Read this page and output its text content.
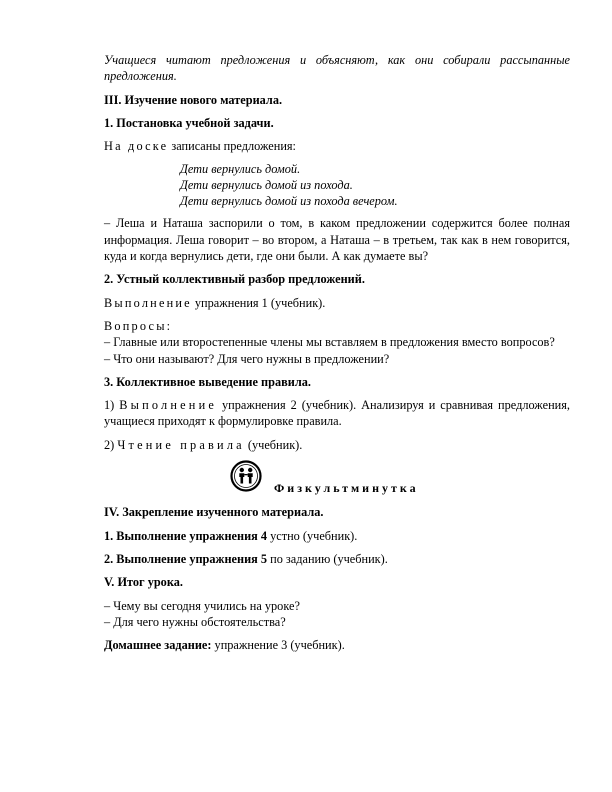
Учащиеся читают предложения и объясняют, как они собирали рассыпанные предложения.

III. Изучение нового материала.

1. Постановка учебной задачи.

На доске записаны предложения:

Дети вернулись домой.
Дети вернулись домой из похода.
Дети вернулись домой из похода вечером.

– Леша и Наташа заспорили о том, в каком предложении содержится более полная информация. Леша говорит – во втором, а Наташа – в третьем, так как в нем говорится, куда и когда вернулись дети, где они были. А как думаете вы?

2. Устный коллективный разбор предложений.

Выполнение упражнения 1 (учебник).

Вопросы:

– Главные или второстепенные члены мы вставляем в предложения вместо вопросов?

– Что они называют? Для чего нужны в предложении?

3. Коллективное выведение правила.

1) Выполнение упражнения 2 (учебник). Анализируя и сравнивая предложения, учащиеся приходят к формулировке правила.

2) Чтение правила (учебник).

Физкультминутка

IV. Закрепление изученного материала.

1. Выполнение упражнения 4 устно (учебник).

2. Выполнение упражнения 5 по заданию (учебник).

V. Итог урока.

– Чему вы сегодня учились на уроке?

– Для чего нужны обстоятельства?

Домашнее задание: упражнение 3 (учебник).
